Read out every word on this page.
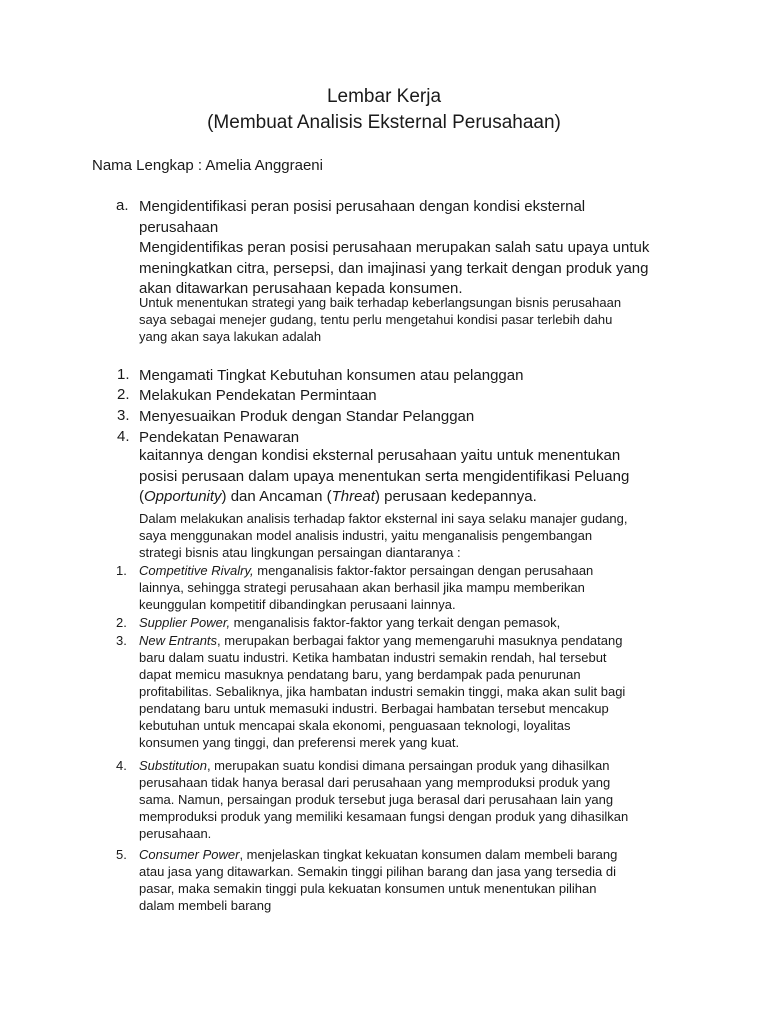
Lembar Kerja
(Membuat Analisis Eksternal Perusahaan)
Nama Lengkap : Amelia Anggraeni
a. Mengidentifikasi peran posisi perusahaan dengan kondisi eksternal
perusahaan
Mengidentifikas peran posisi perusahaan merupakan salah satu upaya untuk
meningkatkan citra, persepsi, dan imajinasi yang terkait dengan produk yang
akan ditawarkan perusahaan kepada konsumen.
Untuk menentukan strategi yang baik terhadap keberlangsungan bisnis perusahaan
saya sebagai menejer gudang, tentu perlu mengetahui kondisi pasar terlebih dahu
yang akan saya lakukan adalah
1. Mengamati Tingkat Kebutuhan konsumen atau pelanggan
2. Melakukan Pendekatan Permintaan
3. Menyesuaikan Produk dengan Standar Pelanggan
4. Pendekatan Penawaran
kaitannya dengan kondisi eksternal perusahaan yaitu untuk menentukan
posisi perusaan dalam upaya menentukan serta mengidentifikasi Peluang
(Opportunity) dan Ancaman (Threat) perusaan kedepannya.
Dalam melakukan analisis terhadap faktor eksternal ini saya selaku manajer gudang,
saya menggunakan model analisis industri, yaitu menganalisis pengembangan
strategi bisnis atau lingkungan persaingan diantaranya :
1. Competitive Rivalry, menganalisis faktor-faktor persaingan dengan perusahaan
lainnya, sehingga strategi perusahaan akan berhasil jika mampu memberikan
keunggulan kompetitif dibandingkan perusaani lainnya.
2. Supplier Power, menganalisis faktor-faktor yang terkait dengan pemasok,
3. New Entrants, merupakan berbagai faktor yang memengaruhi masuknya pendatang
baru dalam suatu industri. Ketika hambatan industri semakin rendah, hal tersebut
dapat memicu masuknya pendatang baru, yang berdampak pada penurunan
profitabilitas. Sebaliknya, jika hambatan industri semakin tinggi, maka akan sulit bagi
pendatang baru untuk memasuki industri. Berbagai hambatan tersebut mencakup
kebutuhan untuk mencapai skala ekonomi, penguasaan teknologi, loyalitas
konsumen yang tinggi, dan preferensi merek yang kuat.
4. Substitution, merupakan suatu kondisi dimana persaingan produk yang dihasilkan
perusahaan tidak hanya berasal dari perusahaan yang memproduksi produk yang
sama. Namun, persaingan produk tersebut juga berasal dari perusahaan lain yang
memproduksi produk yang memiliki kesamaan fungsi dengan produk yang dihasilkan
perusahaan.
5. Consumer Power, menjelaskan tingkat kekuatan konsumen dalam membeli barang
atau jasa yang ditawarkan. Semakin tinggi pilihan barang dan jasa yang tersedia di
pasar, maka semakin tinggi pula kekuatan konsumen untuk menentukan pilihan
dalam membeli barang
